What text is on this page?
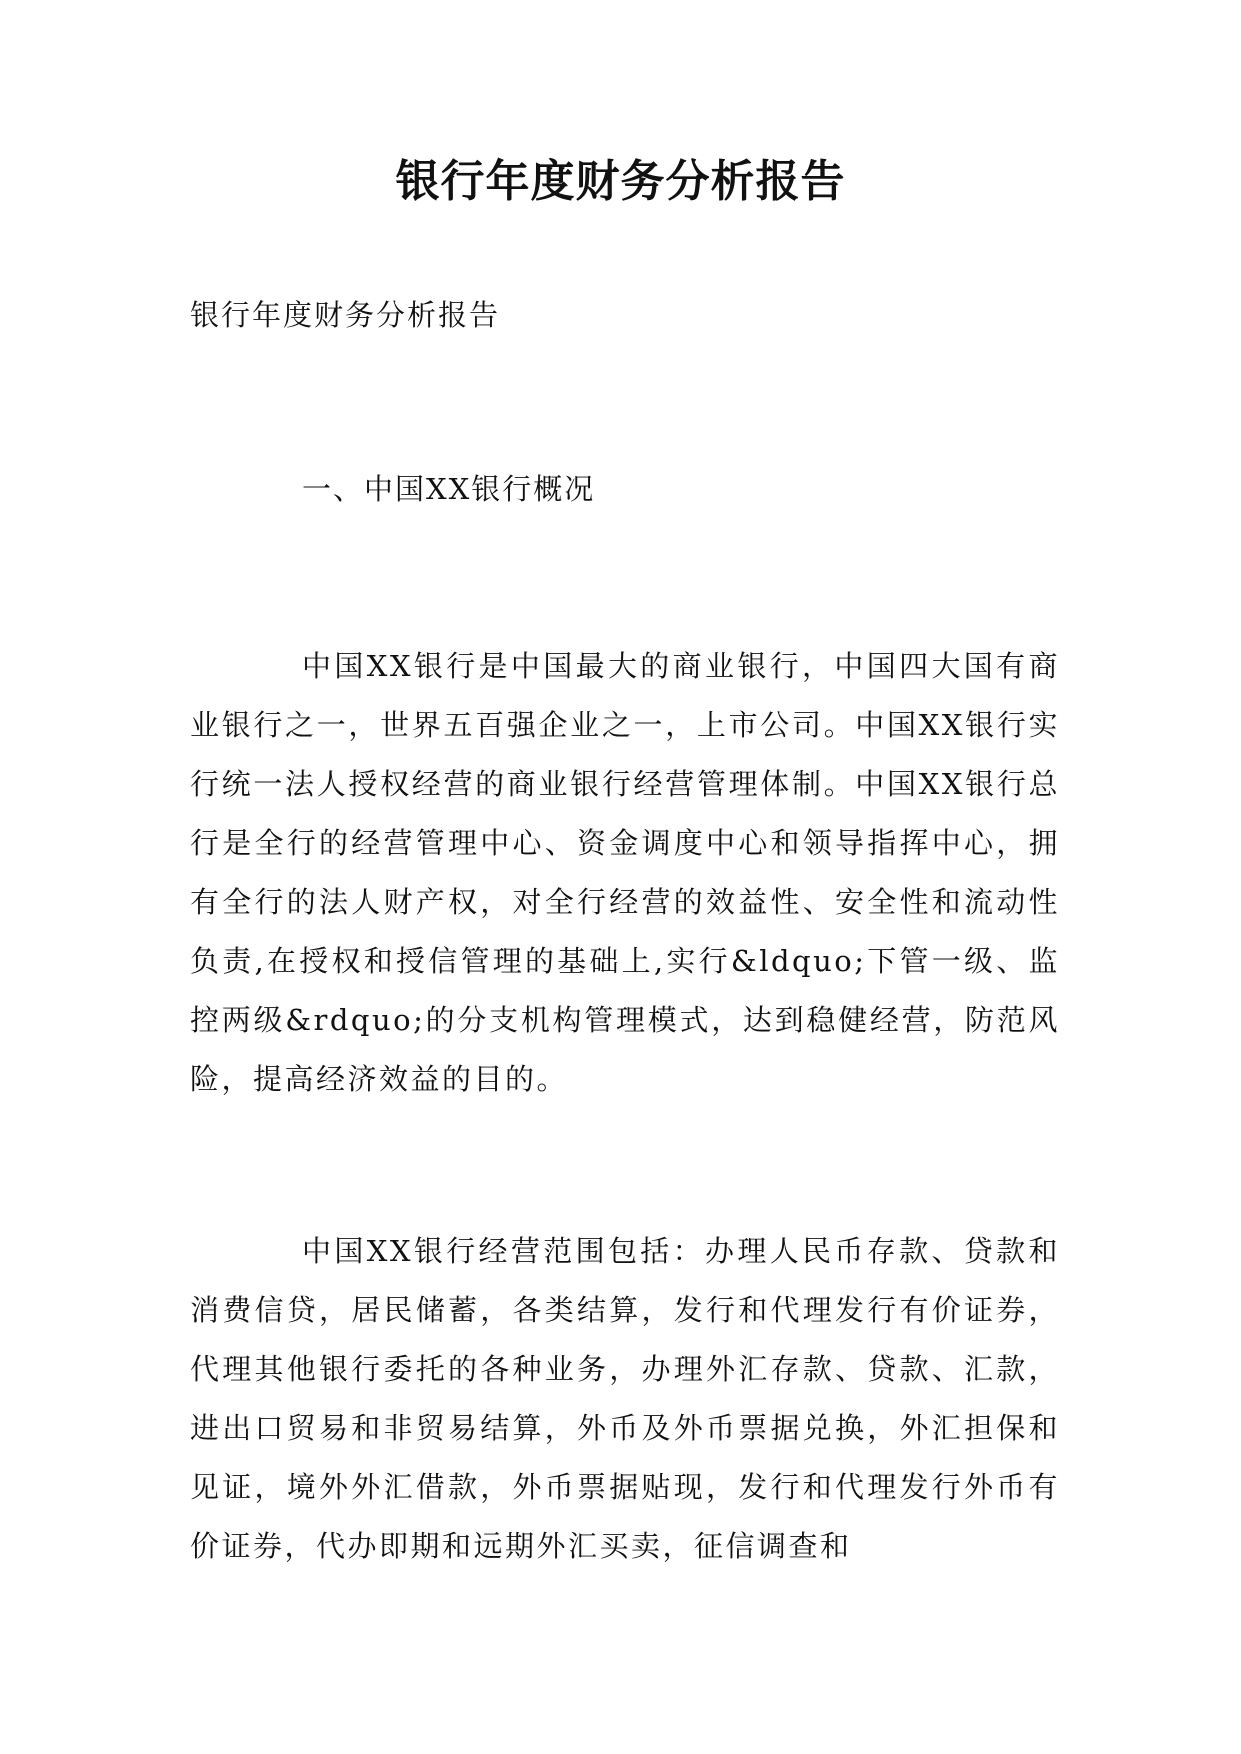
银行年度财务分析报告
银行年度财务分析报告
一、中国XX银行概况

中国XX银行是中国最大的商业银行，中国四大国有商业银行之一，世界五百强企业之一，上市公司。中国XX银行实行统一法人授权经营的商业银行经营管理体制。中国XX银行总行是全行的经营管理中心、资金调度中心和领导指挥中心，拥有全行的法人财产权，对全行经营的效益性、安全性和流动性负责,在授权和授信管理的基础上,实行&ldquo;下管一级、监控两级&rdquo;的分支机构管理模式，达到稳健经营，防范风险，提高经济效益的目的。

中国XX银行经营范围包括：办理人民币存款、贷款和消费信贷，居民储蓄，各类结算，发行和代理发行有价证券，代理其他银行委托的各种业务，办理外汇存款、贷款、汇款，进出口贸易和非贸易结算，外币及外币票据兑换，外汇担保和见证，境外外汇借款，外币票据贴现，发行和代理发行外币有价证券，代办即期和远期外汇买卖，征信调查和
